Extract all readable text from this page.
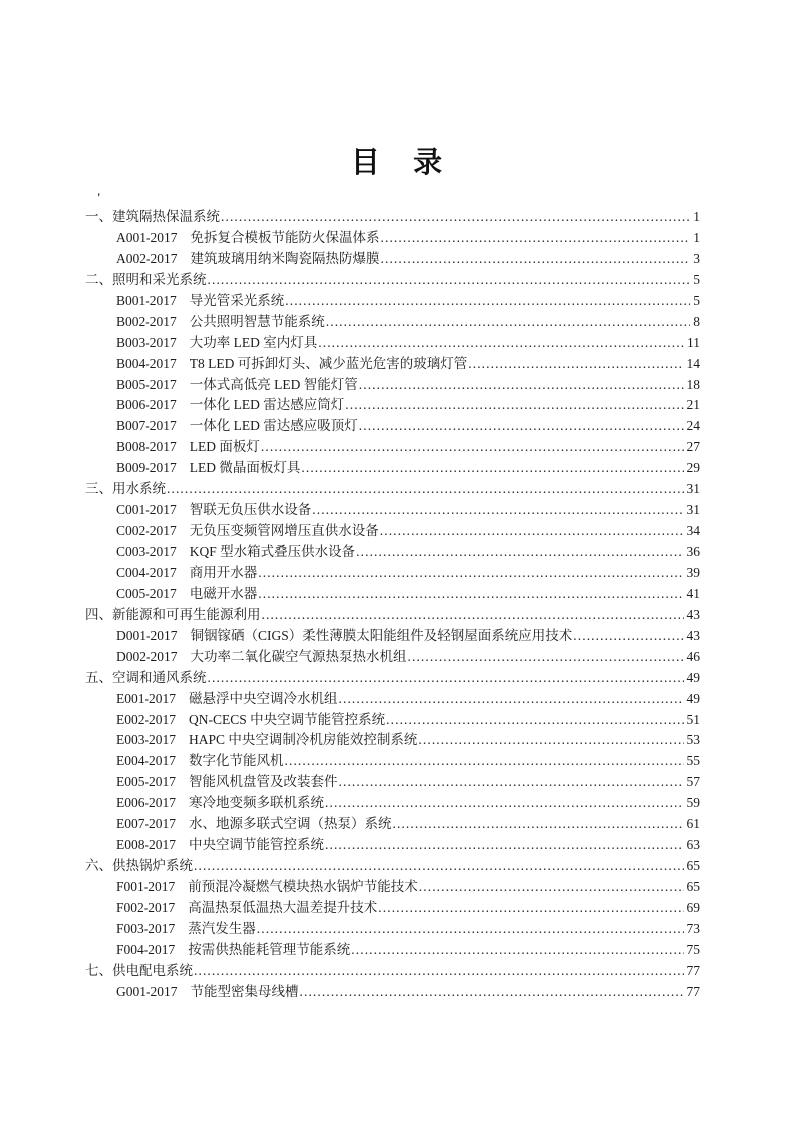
目 录
'
一、建筑隔热保温系统 .....	1
A001-2017 免拆复合模板节能防火保温体系 .....	1
A002-2017 建筑玻璃用纳米陶瓷隔热防爆膜 .....	3
二、照明和采光系统 .....	5
B001-2017 导光管采光系统 .....	5
B002-2017 公共照明智慧节能系统 .....	8
B003-2017 大功率 LED 室内灯具 .....	11
B004-2017 T8 LED 可拆卸灯头、减少蓝光危害的玻璃灯管 .....	14
B005-2017 一体式高低亮 LED 智能灯管 .....	18
B006-2017 一体化 LED 雷达感应筒灯 .....	21
B007-2017 一体化 LED 雷达感应吸顶灯 .....	24
B008-2017 LED 面板灯 .....	27
B009-2017 LED 微晶面板灯具 .....	29
三、用水系统 .....	31
C001-2017 智联无负压供水设备 .....	31
C002-2017 无负压变频管网增压直供水设备 .....	34
C003-2017 KQF 型水箱式叠压供水设备 .....	36
C004-2017 商用开水器 .....	39
C005-2017 电磁开水器 .....	41
四、新能源和可再生能源利用 .....	43
D001-2017 铜铟镓硒（CIGS）柔性薄膜太阳能组件及轻钢屋面系统应用技术 .....	43
D002-2017 大功率二氧化碳空气源热泵热水机组 .....	46
五、空调和通风系统 .....	49
E001-2017 磁悬浮中央空调冷水机组 .....	49
E002-2017 QN-CECS 中央空调节能管控系统 .....	51
E003-2017 HAPC 中央空调制冷机房能效控制系统 .....	53
E004-2017 数字化节能风机 .....	55
E005-2017 智能风机盘管及改装套件 .....	57
E006-2017 寒冷地变频多联机系统 .....	59
E007-2017 水、地源多联式空调（热泵）系统 .....	61
E008-2017 中央空调节能管控系统 .....	63
六、供热锅炉系统 .....	65
F001-2017 前预混冷凝燃气模块热水锅炉节能技术 .....	65
F002-2017 高温热泵低温热大温差提升技术 .....	69
F003-2017 蒸汽发生器 .....	73
F004-2017 按需供热能耗管理节能系统 .....	75
七、供电配电系统 .....	77
G001-2017 节能型密集母线槽 .....	77
